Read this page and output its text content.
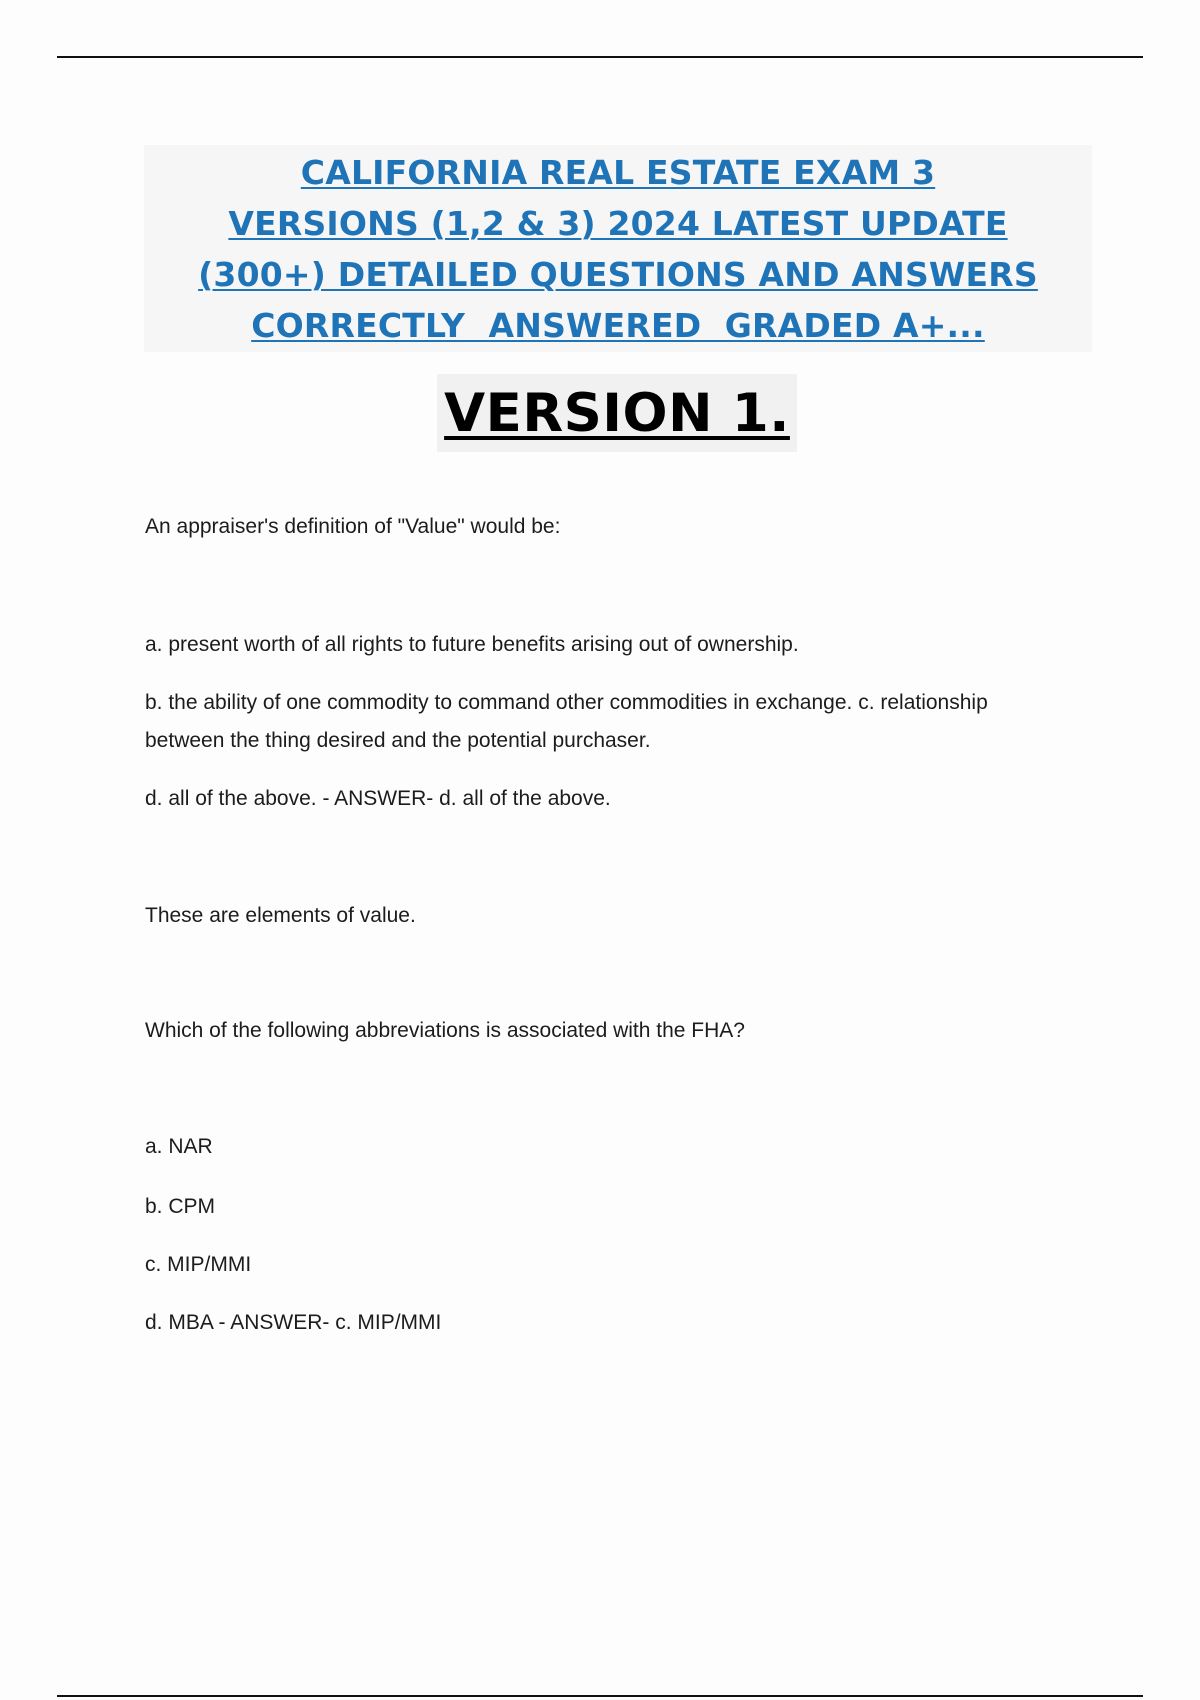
CALIFORNIA REAL ESTATE EXAM 3
VERSIONS (1,2 & 3) 2024 LATEST UPDATE
(300+) DETAILED QUESTIONS AND ANSWERS
CORRECTLY  ANSWERED  GRADED A+...
VERSION 1.
An appraiser's definition of "Value" would be:
a. present worth of all rights to future benefits arising out of ownership.
b. the ability of one commodity to command other commodities in exchange. c. relationship
between the thing desired and the potential purchaser.
d. all of the above. - ANSWER- d. all of the above.
These are elements of value.
Which of the following abbreviations is associated with the FHA?
a. NAR
b. CPM
c. MIP/MMI
d. MBA - ANSWER- c. MIP/MMI
